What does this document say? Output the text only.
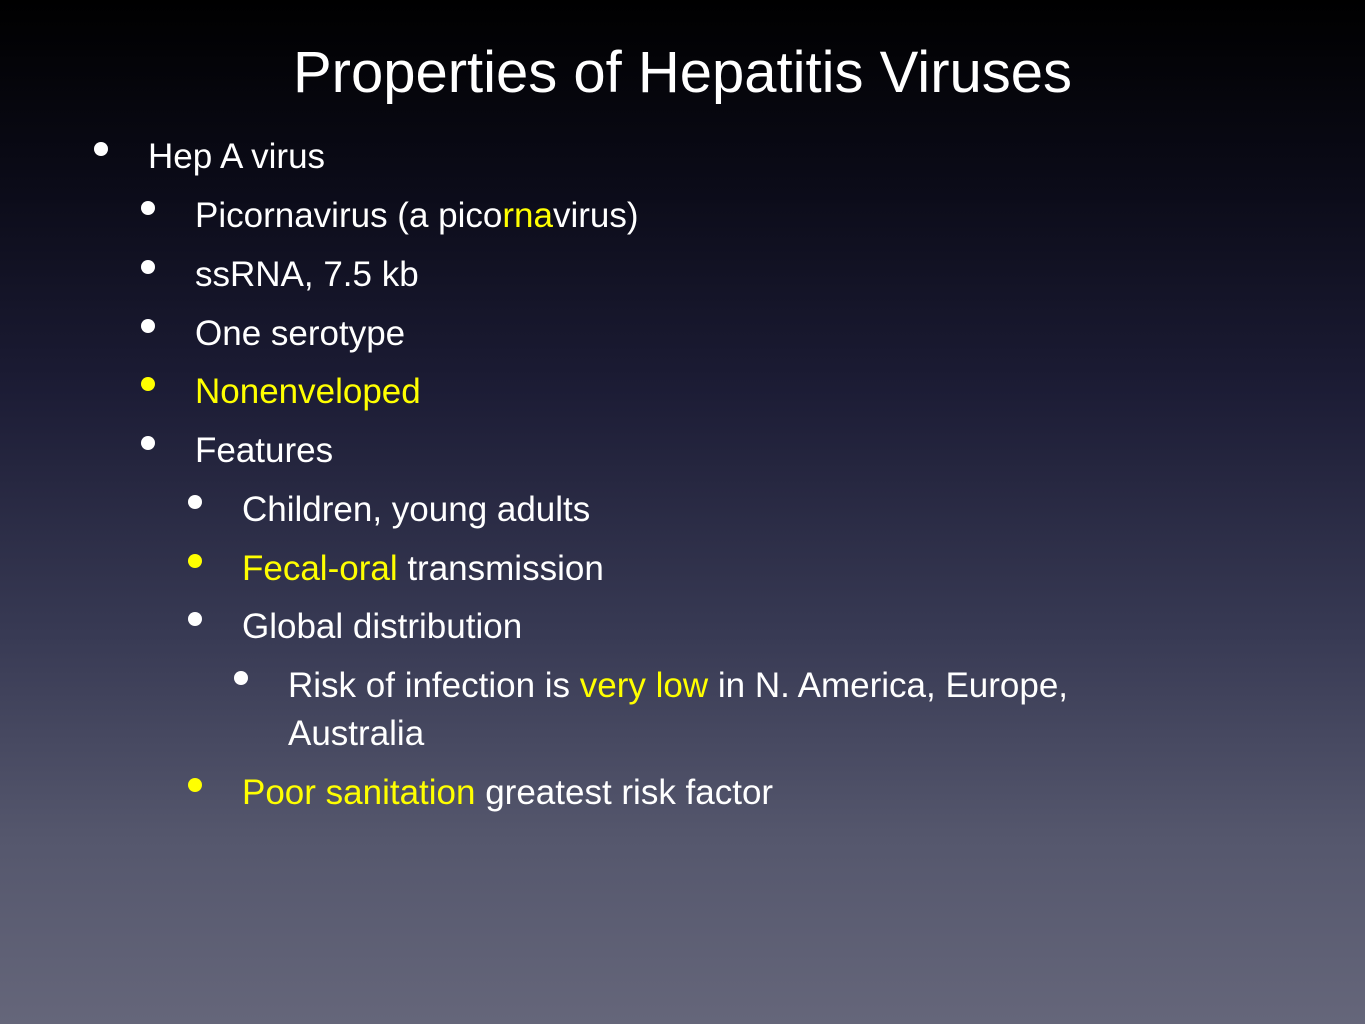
Properties of Hepatitis Viruses
Hep A virus
Picornavirus (a picornavirus)
ssRNA, 7.5 kb
One serotype
Nonenveloped
Features
Children, young adults
Fecal-oral transmission
Global distribution
Risk of infection is very low in N. America, Europe, Australia
Poor sanitation greatest risk factor
